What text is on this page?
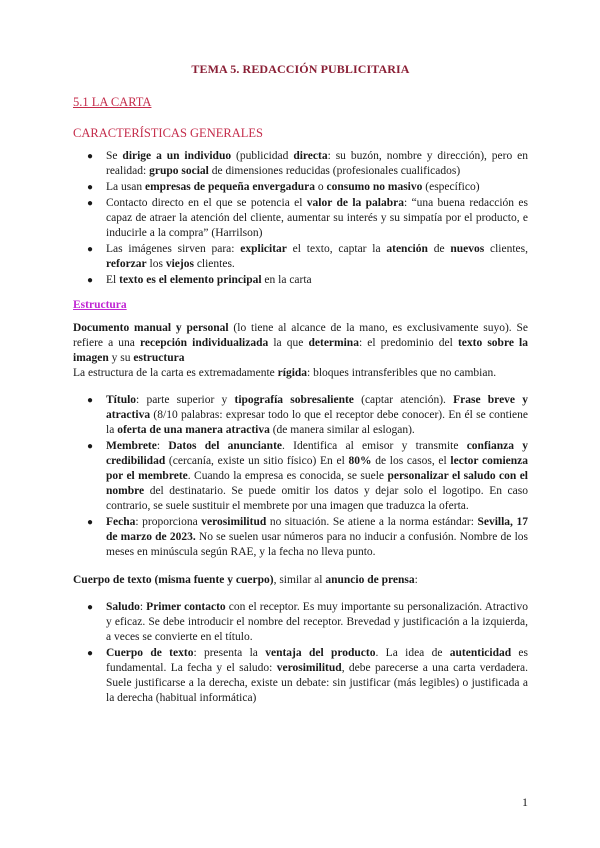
TEMA 5. REDACCIÓN PUBLICITARIA
5.1 LA CARTA
CARACTERÍSTICAS GENERALES
● Se dirige a un individuo (publicidad directa: su buzón, nombre y dirección), pero en realidad: grupo social de dimensiones reducidas (profesionales cualificados)
● La usan empresas de pequeña envergadura o consumo no masivo (específico)
● Contacto directo en el que se potencia el valor de la palabra: “una buena redacción es capaz de atraer la atención del cliente, aumentar su interés y su simpatía por el producto, e inducirle a la compra” (Harrilson)
● Las imágenes sirven para: explicitar el texto, captar la atención de nuevos clientes, reforzar los viejos clientes.
● El texto es el elemento principal en la carta
Estructura

Documento manual y personal (lo tiene al alcance de la mano, es exclusivamente suyo). Se refiere a una recepción individualizada la que determina: el predominio del texto sobre la imagen y su estructura

La estructura de la carta es extremadamente rígida: bloques intransferibles que no cambian.

● Título: parte superior y tipografía sobresaliente (captar atención). Frase breve y atractiva (8/10 palabras: expresar todo lo que el receptor debe conocer). En él se contiene la oferta de una manera atractiva (de manera similar al eslogan).
● Membrete: Datos del anunciante. Identifica al emisor y transmite confianza y credibilidad (cercanía, existe un sitio físico) En el 80% de los casos, el lector comienza por el membrete. Cuando la empresa es conocida, se suele personalizar el saludo con el nombre del destinatario. Se puede omitir los datos y dejar solo el logotipo. En caso contrario, se suele sustituir el membrete por una imagen que traduzca la oferta.
● Fecha: proporciona verosimilitud no situación. Se atiene a la norma estándar: Sevilla, 17 de marzo de 2023. No se suelen usar números para no inducir a confusión. Nombre de los meses en minúscula según RAE, y la fecha no lleva punto.

Cuerpo de texto (misma fuente y cuerpo), similar al anuncio de prensa:

● Saludo: Primer contacto con el receptor. Es muy importante su personalización. Atractivo y eficaz. Se debe introducir el nombre del receptor. Brevedad y justificación a la izquierda, a veces se convierte en el título.
● Cuerpo de texto: presenta la ventaja del producto. La idea de autenticidad es fundamental. La fecha y el saludo: verosimilitud, debe parecerse a una carta verdadera. Suele justificarse a la derecha, existe un debate: sin justificar (más legibles) o justificada a la derecha (habitual informática)
1
